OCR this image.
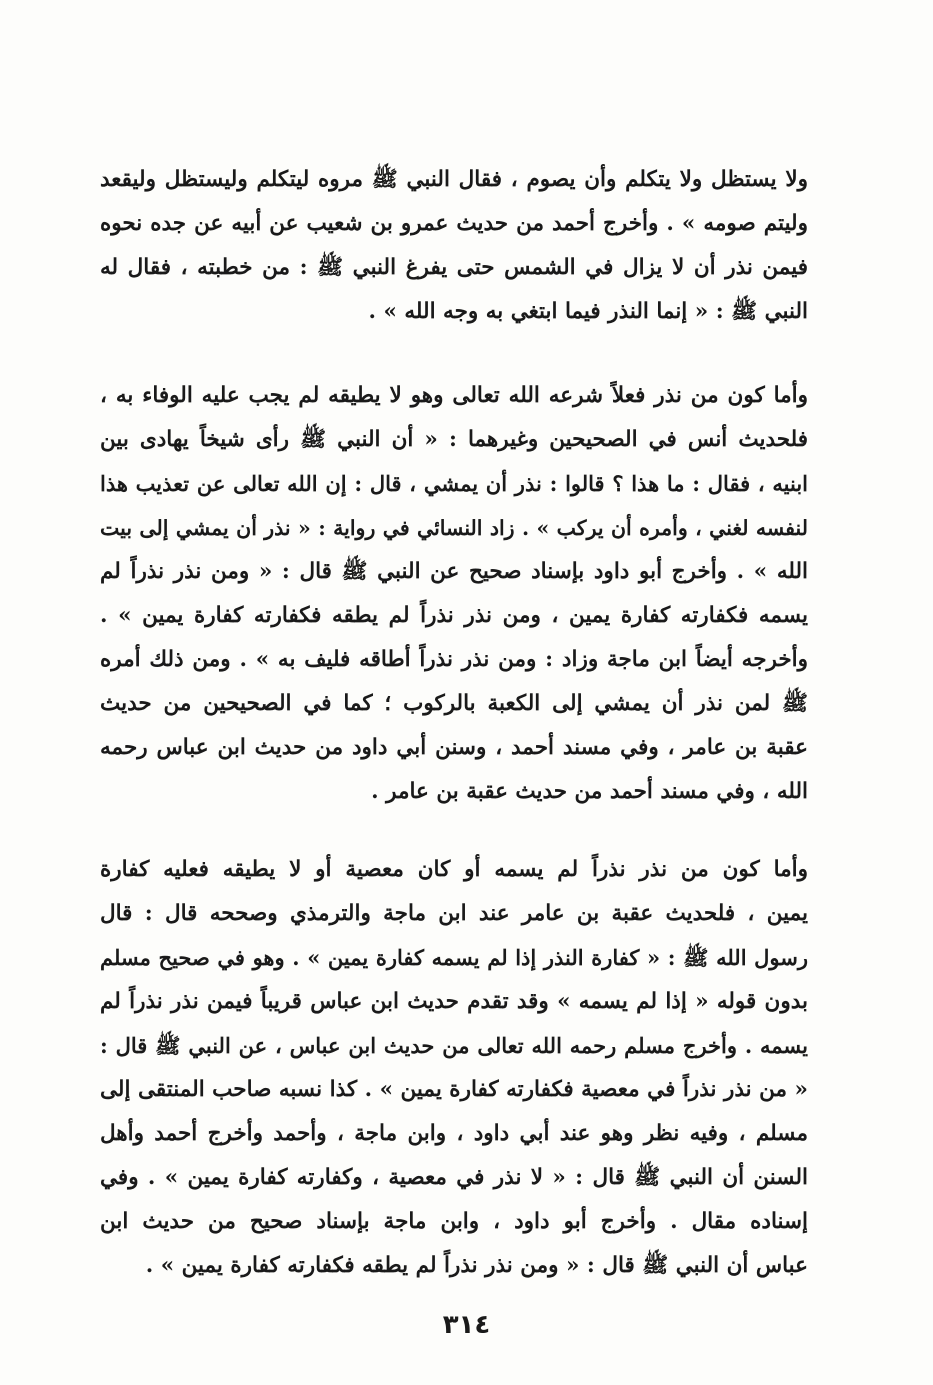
ولا يستظل ولا يتكلم وأن يصوم ، فقال النبي ﷺ مروه ليتكلم وليستظل وليقعد
وليتم صومه » . وأخرج أحمد من حديث عمرو بن شعيب عن أبيه عن جده نحوه
فيمن نذر أن لا يزال في الشمس حتى يفرغ النبي ﷺ : من خطبته ، فقال له
النبي ﷺ : « إنما النذر فيما ابتغي به وجه الله » .
وأما كون من نذر فعلاً شرعه الله تعالى وهو لا يطيقه لم يجب عليه الوفاء به ،
فلحديث أنس في الصحيحين وغيرهما : « أن النبي ﷺ رأى شيخاً يهادى بين
ابنيه ، فقال : ما هذا ؟ قالوا : نذر أن يمشي ، قال : إن الله تعالى عن تعذيب هذا
لنفسه لغني ، وأمره أن يركب » . زاد النسائي في رواية : « نذر أن يمشي إلى بيت
الله » . وأخرج أبو داود بإسناد صحيح عن النبي ﷺ قال : « ومن نذر نذراً لم
يسمه فكفارته كفارة يمين ، ومن نذر نذراً لم يطقه فكفارته كفارة يمين » .
وأخرجه أيضاً ابن ماجة وزاد : ومن نذر نذراً أطاقه فليف به » . ومن ذلك أمره
ﷺ لمن نذر أن يمشي إلى الكعبة بالركوب ؛ كما في الصحيحين من حديث
عقبة بن عامر ، وفي مسند أحمد ، وسنن أبي داود من حديث ابن عباس رحمه
الله ، وفي مسند أحمد من حديث عقبة بن عامر .
وأما كون من نذر نذراً لم يسمه أو كان معصية أو لا يطيقه فعليه كفارة
يمين ، فلحديث عقبة بن عامر عند ابن ماجة والترمذي وصححه قال : قال
رسول الله ﷺ : « كفارة النذر إذا لم يسمه كفارة يمين » . وهو في صحيح مسلم
بدون قوله « إذا لم يسمه » وقد تقدم حديث ابن عباس قريباً فيمن نذر نذراً لم
يسمه . وأخرج مسلم رحمه الله تعالى من حديث ابن عباس ، عن النبي ﷺ قال :
« من نذر نذراً في معصية فكفارته كفارة يمين » . كذا نسبه صاحب المنتقى إلى
مسلم ، وفيه نظر وهو عند أبي داود ، وابن ماجة ، وأحمد وأخرج أحمد وأهل
السنن أن النبي ﷺ قال : « لا نذر في معصية ، وكفارته كفارة يمين » . وفي
إسناده مقال . وأخرج أبو داود ، وابن ماجة بإسناد صحيح من حديث ابن
عباس أن النبي ﷺ قال : « ومن نذر نذراً لم يطقه فكفارته كفارة يمين » .
٣١٤
